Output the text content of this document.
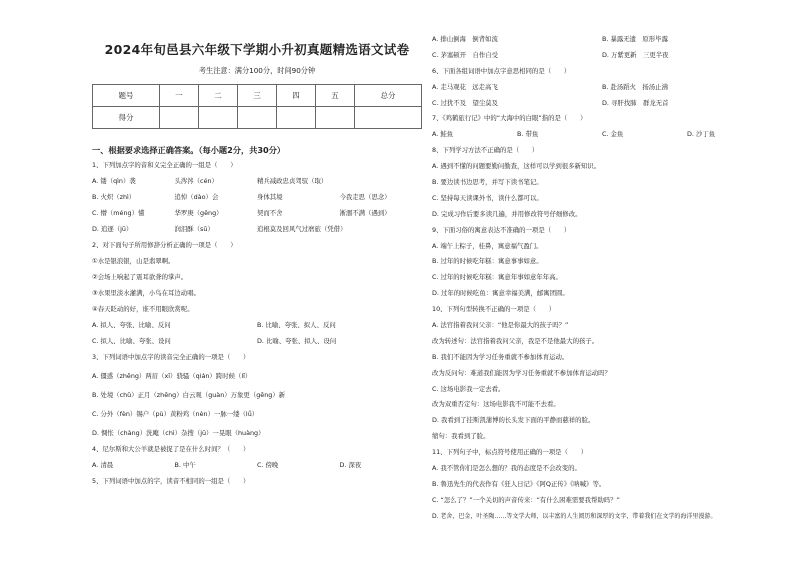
2024年旬邑县六年级下学期小升初真题精选语文试卷
考生注意：满分100分，时间90分钟
题号	一	二	三	四	五	总分
得分						
一、根据要求选择正确答案。（每小题2分，共30分）
1、下列加点字的音和义完全正确的一组是（　　）
A. 镂（qìn）袭	头涔涔（cén）	精兵减政忠贞驾驭（取）
B. 火炽（zhì）	追悼（dào）会	身体其境	今我走思（思念）
C. 懵（méng）懂	华罗庚（gēng）	契而不舍	淅涸不满（遇到）
D. 追逐（jū）	润泪酥（sū）	追根莫及回风气过磨旅（凭借）
2、对下面句子所用修辞分析正确的一项是（　　）
①水是银浪银，山是翡翠啊。
②会场上响起了震耳欲聋的掌声。
③水果里淡水灌满，小鸟在耳边动唱。
④春天眨动的好，谁不用眼欣赏呢。
A. 拟人、夸张、比喻、反问	B. 比喻、夸张、拟人、反问
C. 拟人、比喻、夸张、设问	D. 比喻、夸张、拟人、设问
3、下列词语中加点字的读音完全正确的一项是（　　）
A. 僵惑（zhēng）两眉（xī）骁骚（qián）跨时候（lǐ）
B. 处境（chǔ）正月（zhēng）白云观（guàn）万象更（gēng）新
C. 分外（fèn）锡户（pù）黄粉鸡（nèn）一脉一缕（lǚ）
D. 惆怅（chàng）洗飑（chì）杂搜（jū）一晃眼（huàng）
4、尼尔斯和大公羊就是被捉了是在什么时间？（　　）
A. 清晨	B. 中午	C. 傍晚	D. 深夜
5、下列词语中加点的字，读音不相同的一组是（　　）
A. 排山倒海　倒背如流	B. 暴露无遗　原形毕露
C. 茅塞顿开　自作自受	D. 万紫更新　三更半夜
6、下面各组词语中加点字意思相同的是（　　）
A. 走马观花　远走高飞	B. 赴汤蹈火　扬汤止沸
C. 过犹不及　望尘莫及	D. 寻肝找肺　群龙无首
7、《鸡鹤旅行记》中的“大海中的白眼”指的是（　　）
A. 鲑鱼	B. 带鱼	C. 金鱼	D. 沙丁鱼
8、下列学习方法不正确的是（　　）
A. 遇到不懂的问题要勤问勤查，这样可以学到很多新知识。
B. 要边读书边思考，并写下读书笔记。
C. 坚持每天读课外书，读什么都可以。
D. 完成习作后要多读几遍，并用修改符号仔细修改。
9、下面习俗的寓意表达不准确的一项是（　　）
A. 端午上粽子，桂鼻，寓意福气盈门。
B. 过年的时候吃年糕：寓意事事如意。
C. 过年的时候吃年糕：寓意年事如意年年高。
D. 过年的时候吃鱼：寓意幸福美满，邮寓团圆。
10、下列句型转换不正确的一项是（　　）
A. 法官指着我问父亲：“他是你最大的孩子吗？”
改为转述句：法官指着我问父亲，我是不是他最大的孩子。
B. 我们不能因为学习任务重就不参加体育运动。
改为反问句：难道我们能因为学习任务重就不参加体育运动吗？
C. 这场电影我一定去看。
改为双重否定句：这场电影我不可能不去看。
D. 我看到了挂斯凯蒲博的长头发下面的平静而慈祥的脸。
缩句：我看到了脸。
11、下列句子中，标点符号使用正确的一项是（　　）
A. 我不管你们是怎么想的？我的态度是不会改变的。
B. 鲁迅先生的代表作有《狂人日记》《阿Q正传》《呐喊》等。
C. “怎么了？”一个关切的声音传来：“有什么困难需要我帮助吗？”
D. 老舍，巴金，叶圣陶……等文学大师，以丰富的人生阅历和深厚的文字，带着我们在文学的海洋里漫游。
